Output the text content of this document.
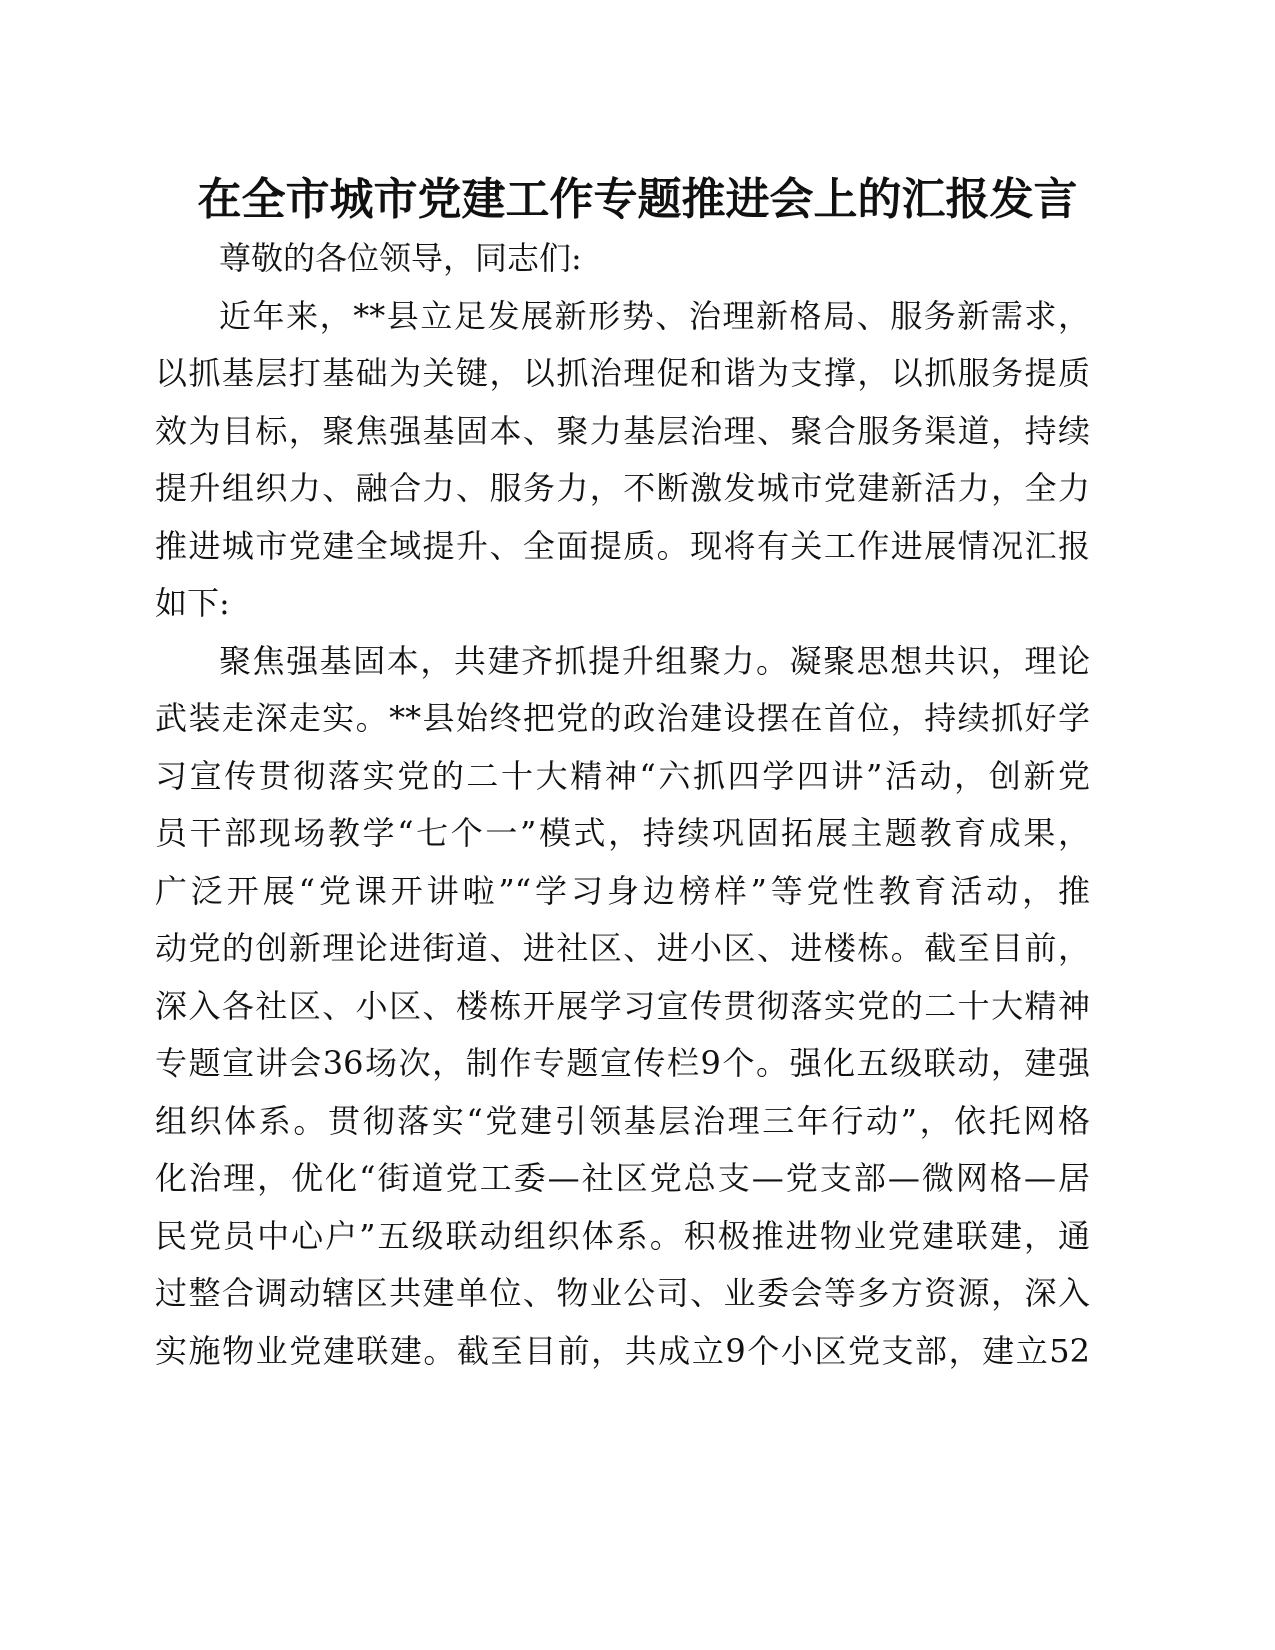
在全市城市党建工作专题推进会上的汇报发言
尊敬的各位领导，同志们:
近年来，**县立足发展新形势、治理新格局、服务新需求，
以抓基层打基础为关键，以抓治理促和谐为支撑，以抓服务提质
效为目标，聚焦强基固本、聚力基层治理、聚合服务渠道，持续
提升组织力、融合力、服务力，不断激发城市党建新活力，全力
推进城市党建全域提升、全面提质。现将有关工作进展情况汇报
如下:
聚焦强基固本，共建齐抓提升组聚力。凝聚思想共识，理论
武装走深走实。**县始终把党的政治建设摆在首位，持续抓好学
习宣传贯彻落实党的二十大精神“六抓四学四讲”活动，创新党
员干部现场教学“七个一”模式，持续巩固拓展主题教育成果，
广泛开展“党课开讲啦”“学习身边榜样”等党性教育活动，推
动党的创新理论进街道、进社区、进小区、进楼栋。截至目前，
深入各社区、小区、楼栋开展学习宣传贯彻落实党的二十大精神
专题宣讲会36场次，制作专题宣传栏9个。强化五级联动，建强
组织体系。贯彻落实“党建引领基层治理三年行动”，依托网格
化治理，优化“街道党工委—社区党总支—党支部—微网格—居
民党员中心户”五级联动组织体系。积极推进物业党建联建，通
过整合调动辖区共建单位、物业公司、业委会等多方资源，深入
实施物业党建联建。截至目前，共成立9个小区党支部，建立52
